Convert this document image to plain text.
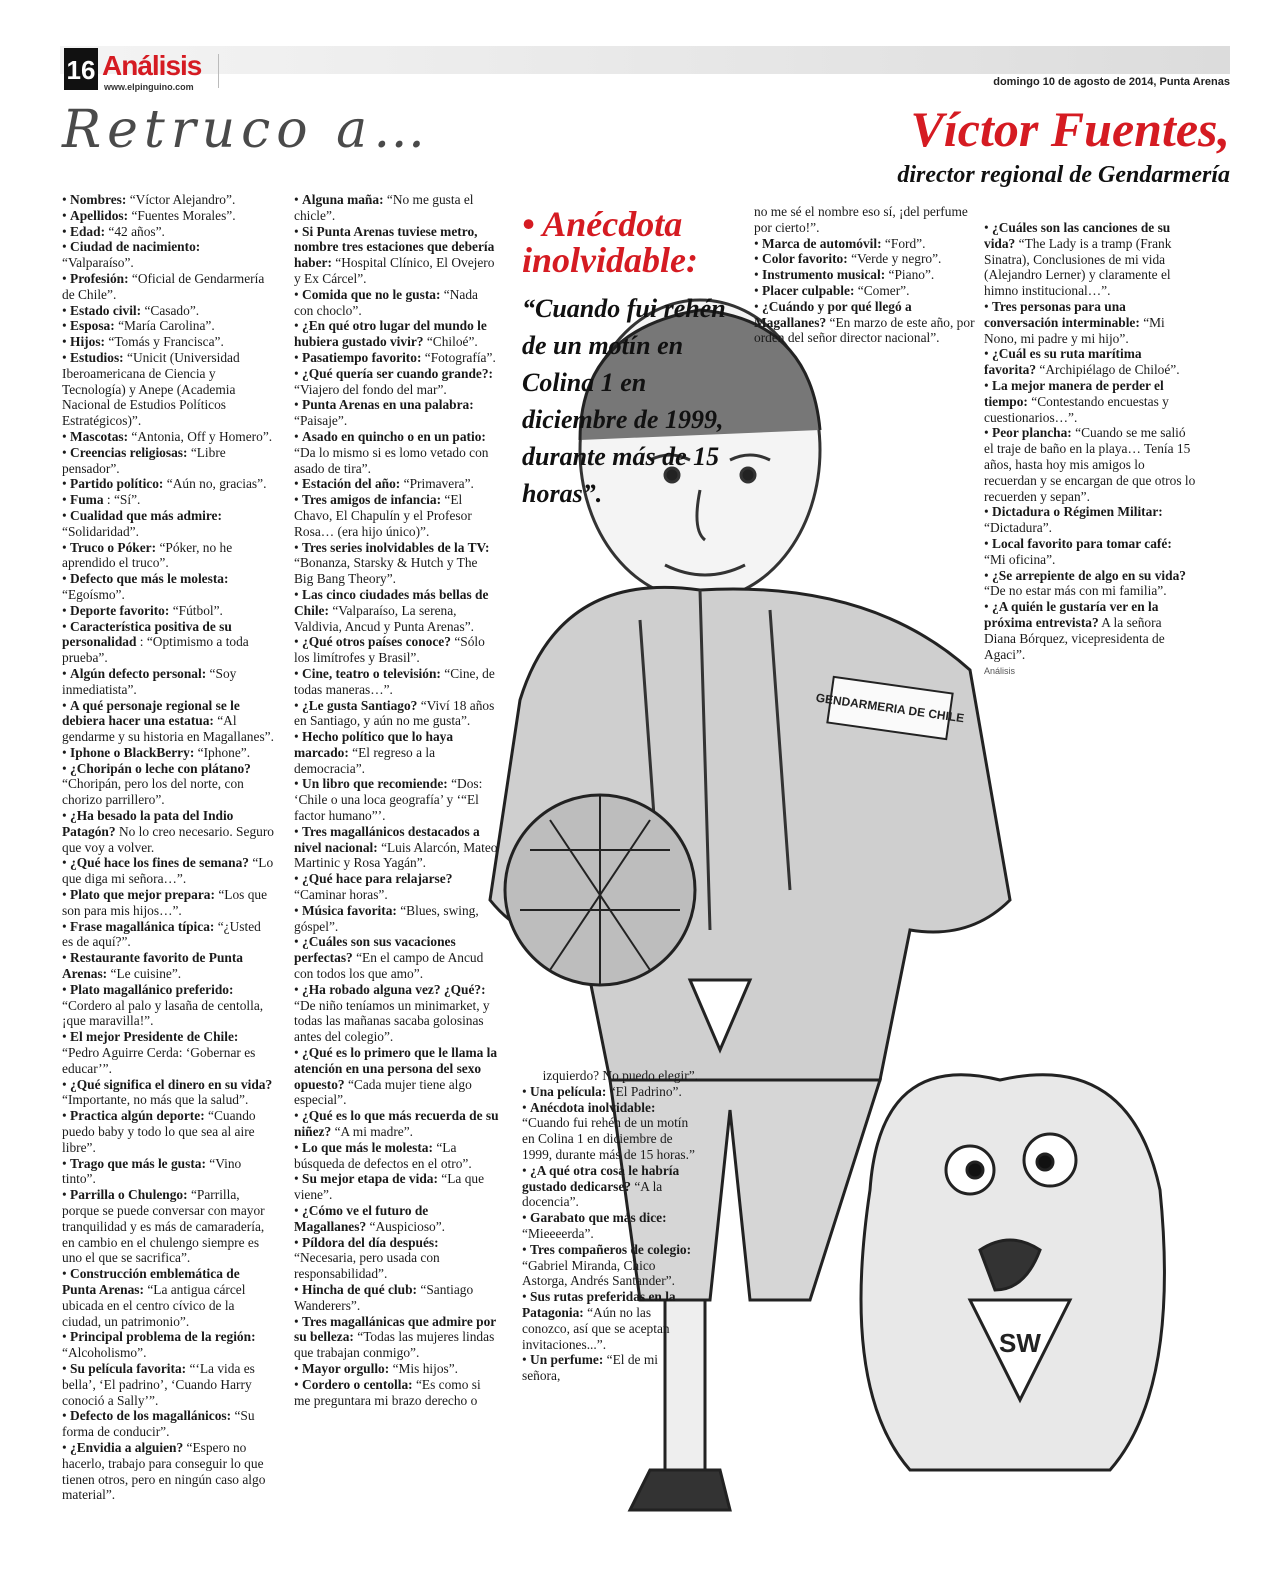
16 Análisis
www.elpinguino.com	domingo 10 de agosto de 2014, Punta Arenas
Retruco a…	Víctor Fuentes,
director regional de Gendarmería
GENDARMERIA DE CHILE
SW

• Nombres: “Víctor Alejandro”.

• Apellidos: “Fuentes Morales”.

• Edad: “42 años”.

• Ciudad de nacimiento: “Valparaíso”.

• Profesión: “Oficial de Gendarmería de Chile”.

• Estado civil: “Casado”.

• Esposa: “María Carolina”.

• Hijos: “Tomás y Francisca”.

• Estudios: “Unicit (Universidad Iberoamericana de Ciencia y Tecnología) y Anepe (Academia Nacional de Estudios Políticos Estratégicos)”.

• Mascotas: “Antonia, Off y Homero”.

• Creencias religiosas: “Libre pensador”.

• Partido político: “Aún no, gracias”.

• Fuma : “Sí”.

• Cualidad que más admire: “Solidaridad”.

• Truco o Póker: “Póker, no he aprendido el truco”.

• Defecto que más le molesta: “Egoísmo”.

• Deporte favorito: “Fútbol”.

• Característica positiva de su personalidad : “Optimismo a toda prueba”.

• Algún defecto personal: “Soy inmediatista”.

• A qué personaje regional se le debiera hacer una estatua: “Al gendarme y su historia en Magallanes”.

• Iphone o BlackBerry: “Iphone”.

• ¿Choripán o leche con plátano? “Choripán, pero los del norte, con chorizo parrillero”.

• ¿Ha besado la pata del Indio Patagón? No lo creo necesario. Seguro que voy a volver.

• ¿Qué hace los fines de semana? “Lo que diga mi señora…”.

• Plato que mejor prepara: “Los que son para mis hijos…”.

• Frase magallánica típica: “¿Usted es de aquí?”.

• Restaurante favorito de Punta Arenas: “Le cuisine”.

• Plato magallánico preferido: “Cordero al palo y lasaña de centolla, ¡que maravilla!”.

• El mejor Presidente de Chile: “Pedro Aguirre Cerda: ‘Gobernar es educar’”.

• ¿Qué significa el dinero en su vida? “Importante, no más que la salud”.

• Practica algún deporte: “Cuando puedo baby y todo lo que sea al aire libre”.

• Trago que más le gusta: “Vino tinto”.

• Parrilla o Chulengo: “Parrilla, porque se puede conversar con mayor tranquilidad y es más de camaradería, en cambio en el chulengo siempre es uno el que se sacrifica”.

• Construcción emblemática de Punta Arenas: “La antigua cárcel ubicada en el centro cívico de la ciudad, un patrimonio”.

• Principal problema de la región: “Alcoholismo”.

• Su película favorita: “‘La vida es bella’, ‘El padrino’, ‘Cuando Harry conoció a Sally’”.

• Defecto de los magallánicos: “Su forma de conducir”.

• ¿Envidia a alguien? “Espero no hacerlo, trabajo para conseguir lo que tienen otros, pero en ningún caso algo material”.

• Alguna maña: “No me gusta el chicle”.

• Si Punta Arenas tuviese metro, nombre tres estaciones que debería haber: “Hospital Clínico, El Ovejero y Ex Cárcel”.

• Comida que no le gusta: “Nada con choclo”.

• ¿En qué otro lugar del mundo le hubiera gustado vivir? “Chiloé”.

• Pasatiempo favorito: “Fotografía”.

• ¿Qué quería ser cuando grande?: “Viajero del fondo del mar”.

• Punta Arenas en una palabra: “Paisaje”.

• Asado en quincho o en un patio: “Da lo mismo si es lomo vetado con asado de tira”.

• Estación del año: “Primavera”.

• Tres amigos de infancia: “El Chavo, El Chapulín y el Profesor Rosa… (era hijo único)”.

• Tres series inolvidables de la TV: “Bonanza, Starsky & Hutch y The Big Bang Theory”.

• Las cinco ciudades más bellas de Chile: “Valparaíso, La serena, Valdivia, Ancud y Punta Arenas”.

• ¿Qué otros países conoce? “Sólo los limítrofes y Brasil”.

• Cine, teatro o televisión: “Cine, de todas maneras…”.

• ¿Le gusta Santiago? “Viví 18 años en Santiago, y aún no me gusta”.

• Hecho político que lo haya marcado: “El regreso a la democracia”.

• Un libro que recomiende: “Dos: ‘Chile o una loca geografía’ y ‘“El factor humano”’.

• Tres magallánicos destacados a nivel nacional: “Luis Alarcón, Mateo Martinic y Rosa Yagán”.

• ¿Qué hace para relajarse? “Caminar horas”.

• Música favorita: “Blues, swing, góspel”.

• ¿Cuáles son sus vacaciones perfectas? “En el campo de Ancud con todos los que amo”.

• ¿Ha robado alguna vez? ¿Qué?: “De niño teníamos un minimarket, y todas las mañanas sacaba golosinas antes del colegio”.

• ¿Qué es lo primero que le llama la atención en una persona del sexo opuesto? “Cada mujer tiene algo especial”.

• ¿Qué es lo que más recuerda de su niñez? “A mi madre”.

• Lo que más le molesta: “La búsqueda de defectos en el otro”.

• Su mejor etapa de vida: “La que viene”.

• ¿Cómo ve el futuro de Magallanes? “Auspicioso”.

• Píldora del día después: “Necesaria, pero usada con responsabilidad”.

• Hincha de qué club: “Santiago Wanderers”.

• Tres magallánicas que admire por su belleza: “Todas las mujeres lindas que trabajan conmigo”.

• Mayor orgullo: “Mis hijos”.

• Cordero o centolla: “Es como si me preguntara mi brazo derecho o

• Anécdota inolvidable:
“Cuando fui rehén de un motín en Colina 1 en diciembre de 1999, durante más de 15 horas”.

no me sé el nombre eso sí, ¡del perfume por cierto!”.

• Marca de automóvil: “Ford”.

• Color favorito: “Verde y negro”.

• Instrumento musical: “Piano”.

• Placer culpable: “Comer”.

• ¿Cuándo y por qué llegó a Magallanes? “En marzo de este año, por orden del señor director nacional”.

• ¿Cuáles son las canciones de su vida? “The Lady is a tramp (Frank Sinatra), Conclusiones de mi vida (Alejandro Lerner) y claramente el himno institucional…”.

• Tres personas para una conversación interminable: “Mi Nono, mi padre y mi hijo”.

• ¿Cuál es su ruta marítima favorita? “Archipiélago de Chiloé”.

• La mejor manera de perder el tiempo: “Contestando encuestas y cuestionarios…”.

• Peor plancha: “Cuando se me salió el traje de baño en la playa… Tenía 15 años, hasta hoy mis amigos lo recuerdan y se encargan de que otros lo recuerden y sepan”.

• Dictadura o Régimen Militar: “Dictadura”.

• Local favorito para tomar café: “Mi oficina”.

• ¿Se arrepiente de algo en su vida? “De no estar más con mi familia”.

• ¿A quién le gustaría ver en la próxima entrevista? A la señora Diana Bórquez, vicepresidenta de Agaci”.

Análisis

izquierdo? No puedo elegir”.

• Una película: “El Padrino”.

• Anécdota inolvidable: “Cuando fui rehén de un motín en Colina 1 en diciembre de 1999, durante más de 15 horas.”

• ¿A qué otra cosa le habría gustado dedicarse? “A la docencia”.

• Garabato que más dice: “Mieeeerda”.

• Tres compañeros de colegio: “Gabriel Miranda, Chico Astorga, Andrés Santander”.

• Sus rutas preferidas en la Patagonia: “Aún no las conozco, así que se aceptan invitaciones...”.

• Un perfume: “El de mi señora,
